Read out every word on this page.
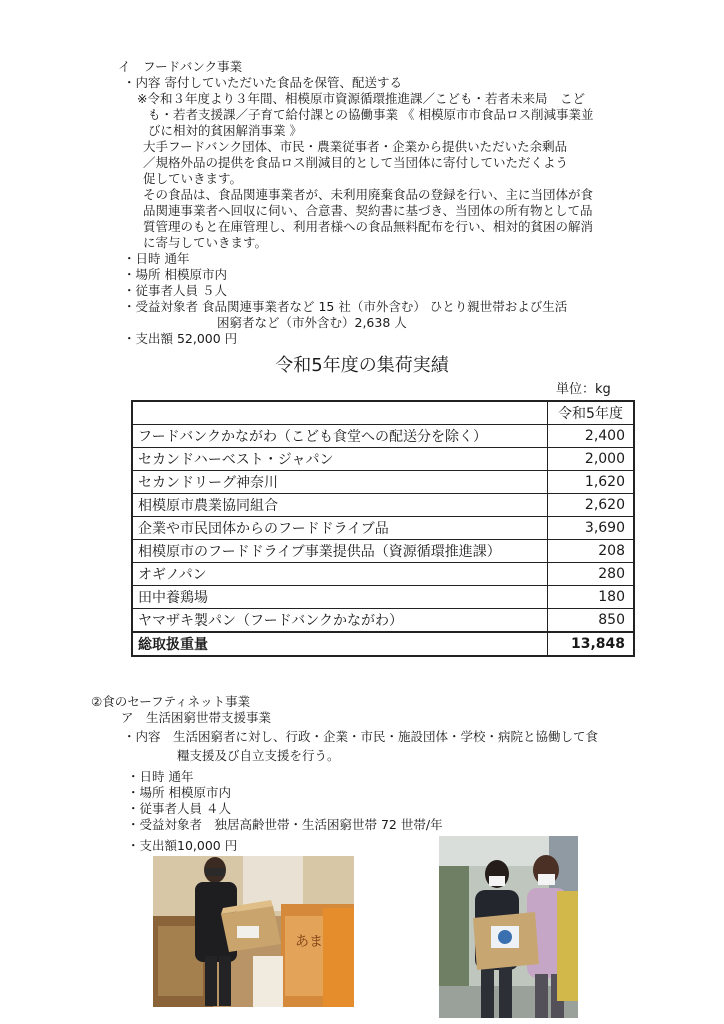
イ　フードバンク事業
・内容 寄付していただいた食品を保管、配送する
※令和３年度より３年間、相模原市資源循環推進課／こども・若者未来局　こど
も・若者支援課／子育て給付課との協働事業 《 相模原市市食品ロス削減事業並
びに相対的貧困解消事業 》
大手フードバンク団体、市民・農業従事者・企業から提供いただいた余剰品
／規格外品の提供を食品ロス削減目的として当団体に寄付していただくよう
促していきます。
その食品は、食品関連事業者が、未利用廃棄食品の登録を行い、主に当団体が食
品関連事業者へ回収に伺い、合意書、契約書に基づき、当団体の所有物として品
質管理のもと在庫管理し、利用者様への食品無料配布を行い、相対的貧困の解消
に寄与していきます。
・日時 通年
・場所 相模原市内
・従事者人員 ５人
・受益対象者 食品関連事業者など 15 社（市外含む） ひとり親世帯および生活
困窮者など（市外含む）2,638 人
・支出額 52,000 円
令和5年度の集荷実績
単位：kg
	令和5年度
フードバンクかながわ（こども食堂への配送分を除く）	2,400
セカンドハーベスト・ジャパン	2,000
セカンドリーグ神奈川	1,620
相模原市農業協同組合	2,620
企業や市民団体からのフードドライブ品	3,690
相模原市のフードドライブ事業提供品（資源循環推進課）	208
オギノパン	280
田中養鶏場	180
ヤマザキ製パン（フードバンクかながわ）	850
総取扱重量	13,848
②食のセーフティネット事業
ア　生活困窮世帯支援事業
・内容　生活困窮者に対し、行政・企業・市民・施設団体・学校・病院と協働して食
糧支援及び自立支援を行う。
・日時 通年
・場所 相模原市内
・従事者人員 ４人
・受益対象者　独居高齢世帯・生活困窮世帯 72 世帯/年
・支出額10,000 円
あま
